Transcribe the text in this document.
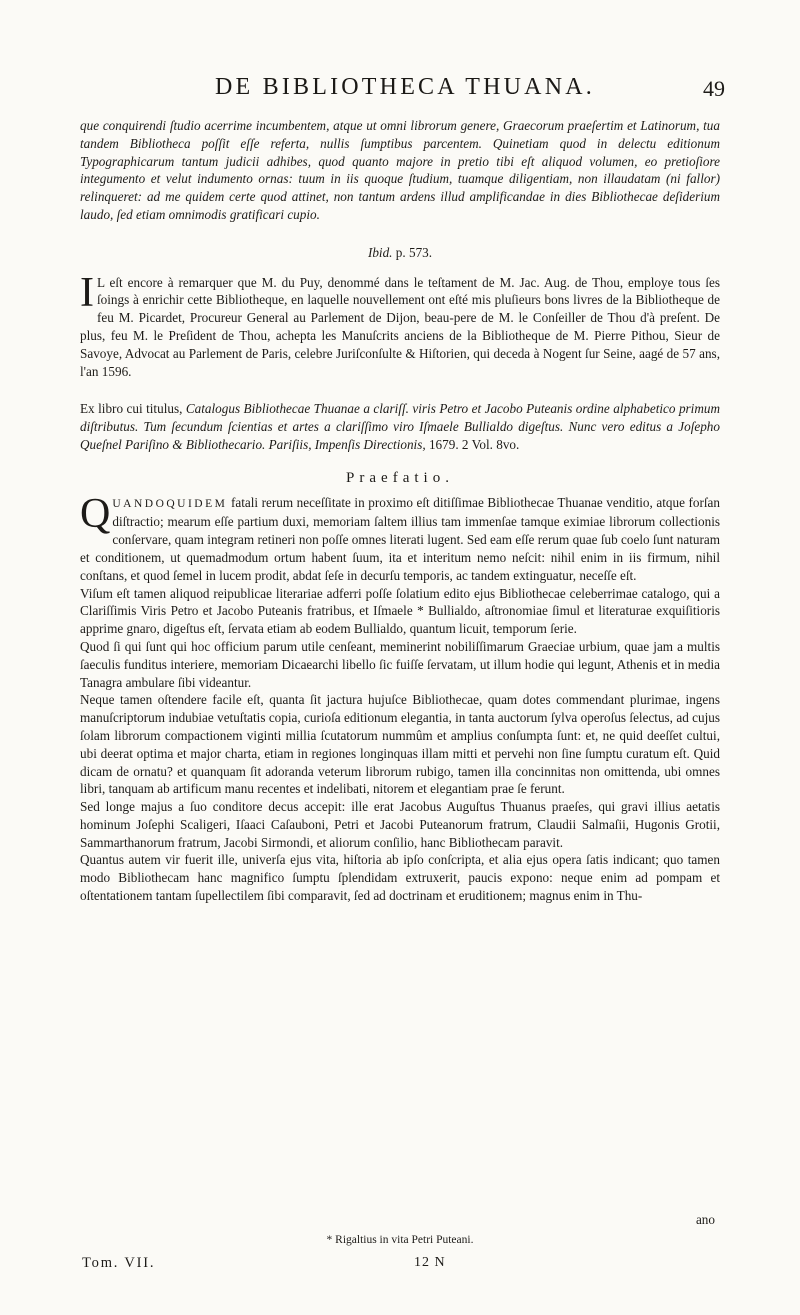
DE BIBLIOTHECA THUANA.	49

que conquirendi ſtudio acerrime incumbentem, atque ut omni librorum genere, Graecorum praeſertim et Latinorum, tua tandem Bibliotheca poſſit eſſe referta, nullis ſumptibus parcentem. Quinetiam quod in delectu editionum Typographicarum tantum judicii adhibes, quod quanto majore in pretio tibi eſt aliquod volumen, eo pretioſiore integumento et velut indumento ornas: tuum in iis quoque ſtudium, tuamque diligentiam, non illaudatam (ni fallor) relinqueret: ad me quidem certe quod attinet, non tantum ardens illud amplificandae in dies Bibliothecae deſiderium laudo, ſed etiam omnimodis gratificari cupio.

Ibid. p. 573.

I L eſt encore à remarquer que M. du Puy, denommé dans le teſtament de M. Jac. Aug. de Thou, employe tous ſes ſoings à enrichir cette Bibliotheque, en laquelle nouvellement ont eſté mis pluſieurs bons livres de la Bibliotheque de feu M. Picardet, Procureur General au Parlement de Dijon, beau-pere de M. le Conſeiller de Thou d'à preſent. De plus, feu M. le Preſident de Thou, achepta les Manuſcrits anciens de la Bibliotheque de M. Pierre Pithou, Sieur de Savoye, Advocat au Parlement de Paris, celebre Juriſconſulte & Hiſtorien, qui deceda à Nogent ſur Seine, aagé de 57 ans, l'an 1596.

Ex libro cui titulus, Catalogus Bibliothecae Thuanae a clariſſ. viris Petro et Jacobo Puteanis ordine alphabetico primum diſtributus. Tum ſecundum ſcientias et artes a clariſſimo viro Iſmaele Bullialdo digeſtus. Nunc vero editus a Joſepho Queſnel Pariſino & Bibliothecario. Pariſiis, Impenſis Directionis, 1679. 2 Vol. 8vo.

Praefatio.

QUANDOQUIDEM fatali rerum neceſſitate in proximo eſt ditiſſimae Bibliothecae Thuanae venditio, atque forſan diſtractio; mearum eſſe partium duxi, memoriam ſaltem illius tam immenſae tamque eximiae librorum collectionis conſervare, quam integram retineri non poſſe omnes literati lugent. Sed eam eſſe rerum quae ſub coelo ſunt naturam et conditionem, ut quemadmodum ortum habent ſuum, ita et interitum nemo neſcit: nihil enim in iis firmum, nihil conſtans, et quod ſemel in lucem prodit, abdat ſeſe in decurſu temporis, ac tandem extinguatur, neceſſe eſt.

Viſum eſt tamen aliquod reipublicae literariae adferri poſſe ſolatium edito ejus Bibliothecae celeberrimae catalogo, qui a Clariſſimis Viris Petro et Jacobo Puteanis fratribus, et Iſmaele * Bullialdo, aſtronomiae ſimul et literaturae exquiſitioris apprime gnaro, digeſtus eſt, ſervata etiam ab eodem Bullialdo, quantum licuit, temporum ſerie.

Quod ſi qui ſunt qui hoc officium parum utile cenſeant, meminerint nobiliſſimarum Graeciae urbium, quae jam a multis ſaeculis funditus interiere, memoriam Dicaearchi libello ſic fuiſſe ſervatam, ut illum hodie qui legunt, Athenis et in media Tanagra ambulare ſibi videantur.

Neque tamen oſtendere facile eſt, quanta ſit jactura hujuſce Bibliothecae, quam dotes commendant plurimae, ingens manuſcriptorum indubiae vetuſtatis copia, curioſa editionum elegantia, in tanta auctorum ſylva operoſus ſelectus, ad cujus ſolam librorum compactionem viginti millia ſcutatorum nummûm et amplius conſumpta ſunt: et, ne quid deeſſet cultui, ubi deerat optima et major charta, etiam in regiones longinquas illam mitti et pervehi non ſine ſumptu curatum eſt. Quid dicam de ornatu? et quanquam ſit adoranda veterum librorum rubigo, tamen illa concinnitas non omittenda, ubi omnes libri, tanquam ab artificum manu recentes et indelibati, nitorem et elegantiam prae ſe ferunt.

Sed longe majus a ſuo conditore decus accepit: ille erat Jacobus Auguſtus Thuanus praeſes, qui gravi illius aetatis hominum Joſephi Scaligeri, Iſaaci Caſauboni, Petri et Jacobi Puteanorum fratrum, Claudii Salmaſii, Hugonis Grotii, Sammarthanorum fratrum, Jacobi Sirmondi, et aliorum conſilio, hanc Bibliothecam paravit.

Quantus autem vir fuerit ille, univerſa ejus vita, hiſtoria ab ipſo conſcripta, et alia ejus opera ſatis indicant; quo tamen modo Bibliothecam hanc magnifico ſumptu ſplendidam extruxerit, paucis expono: neque enim ad pompam et oſtentationem tantam ſupellectilem ſibi comparavit, ſed ad doctrinam et eruditionem; magnus enim in Thu-

ano
* Rigaltius in vita Petri Puteani.
Tom. VII.	12 N
